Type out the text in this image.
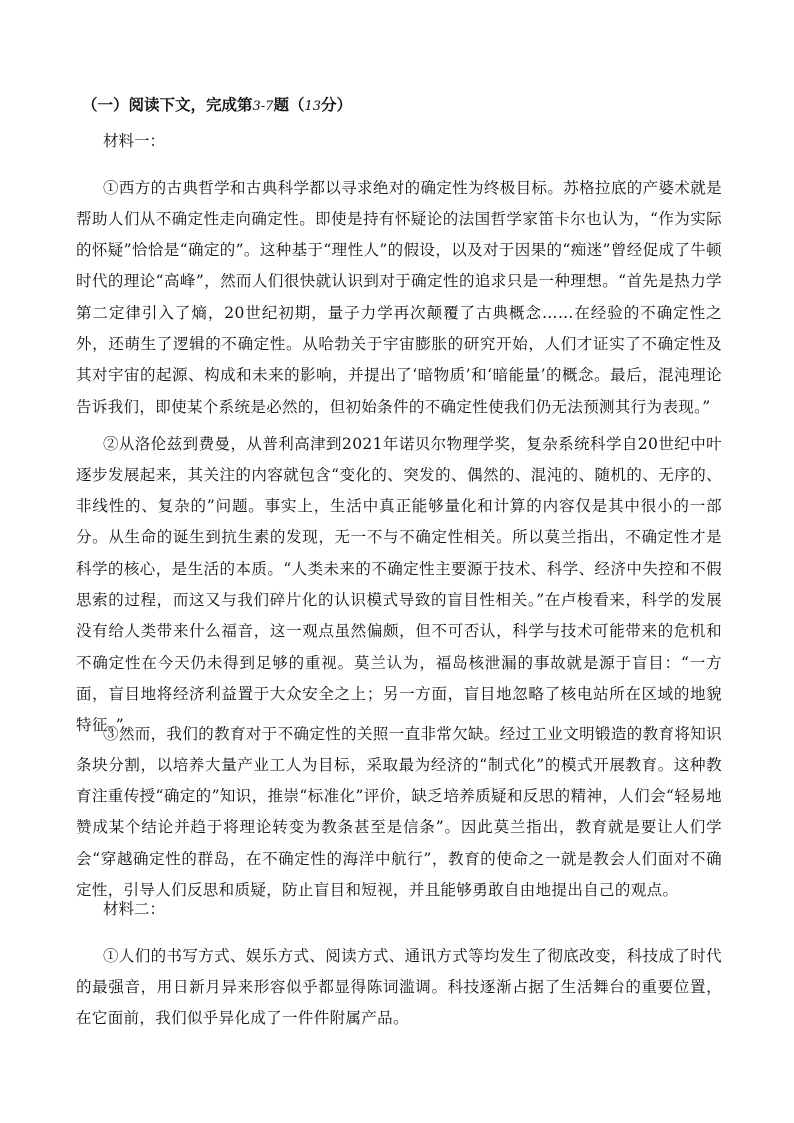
（一）阅读下文，完成第3-7题（13分）
材料一：

①西方的古典哲学和古典科学都以寻求绝对的确定性为终极目标。苏格拉底的产婆术就是帮助人们从不确定性走向确定性。即使是持有怀疑论的法国哲学家笛卡尔也认为，“作为实际的怀疑”恰恰是“确定的”。这种基于“理性人”的假设，以及对于因果的“痴迷”曾经促成了牛顿时代的理论“高峰”，然而人们很快就认识到对于确定性的追求只是一种理想。“首先是热力学第二定律引入了熵，20世纪初期，量子力学再次颠覆了古典概念……在经验的不确定性之外，还萌生了逻辑的不确定性。从哈勃关于宇宙膨胀的研究开始，人们才证实了不确定性及其对宇宙的起源、构成和未来的影响，并提出了‘暗物质’和‘暗能量’的概念。最后，混沌理论告诉我们，即使某个系统是必然的，但初始条件的不确定性使我们仍无法预测其行为表现。”

②从洛伦兹到费曼，从普利高津到2021年诺贝尔物理学奖，复杂系统科学自20世纪中叶逐步发展起来，其关注的内容就包含“变化的、突发的、偶然的、混沌的、随机的、无序的、非线性的、复杂的”问题。事实上，生活中真正能够量化和计算的内容仅是其中很小的一部分。从生命的诞生到抗生素的发现，无一不与不确定性相关。所以莫兰指出，不确定性才是科学的核心，是生活的本质。“人类未来的不确定性主要源于技术、科学、经济中失控和不假思索的过程，而这又与我们碎片化的认识模式导致的盲目性相关。”在卢梭看来，科学的发展没有给人类带来什么福音，这一观点虽然偏颇，但不可否认，科学与技术可能带来的危机和不确定性在今天仍未得到足够的重视。莫兰认为，福岛核泄漏的事故就是源于盲目：“一方面，盲目地将经济利益置于大众安全之上；另一方面，盲目地忽略了核电站所在区域的地貌特征。”

③然而，我们的教育对于不确定性的关照一直非常欠缺。经过工业文明锻造的教育将知识条块分割，以培养大量产业工人为目标，采取最为经济的“制式化”的模式开展教育。这种教育注重传授“确定的”知识，推崇“标准化”评价，缺乏培养质疑和反思的精神，人们会“轻易地赞成某个结论并趋于将理论转变为教条甚至是信条”。因此莫兰指出，教育就是要让人们学会“穿越确定性的群岛，在不确定性的海洋中航行”，教育的使命之一就是教会人们面对不确定性，引导人们反思和质疑，防止盲目和短视，并且能够勇敢自由地提出自己的观点。

材料二：

①人们的书写方式、娱乐方式、阅读方式、通讯方式等均发生了彻底改变，科技成了时代的最强音，用日新月异来形容似乎都显得陈词滥调。科技逐渐占据了生活舞台的重要位置，在它面前，我们似乎异化成了一件件附属产品。
